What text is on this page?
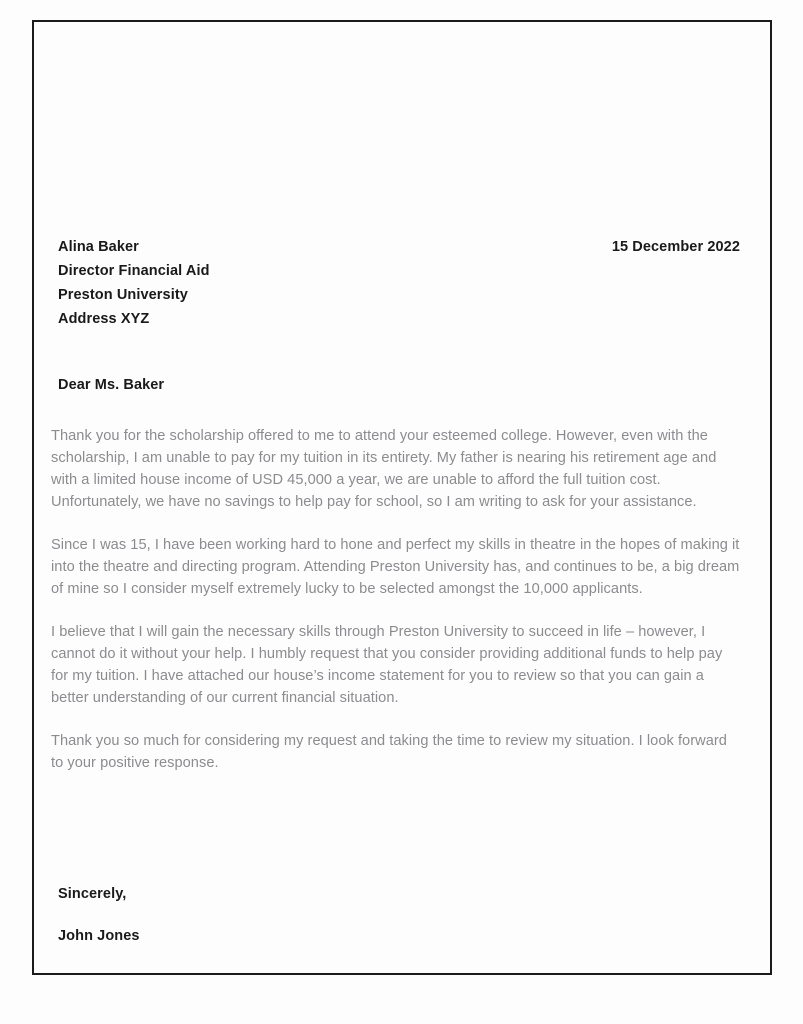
Alina Baker
Director Financial Aid
Preston University
Address XYZ
15 December 2022
Dear Ms. Baker

Thank you for the scholarship offered to me to attend your esteemed college. However, even with the scholarship, I am unable to pay for my tuition in its entirety. My father is nearing his retirement age and with a limited house income of USD 45,000 a year, we are unable to afford the full tuition cost. Unfortunately, we have no savings to help pay for school, so I am writing to ask for your assistance.

Since I was 15, I have been working hard to hone and perfect my skills in theatre in the hopes of making it into the theatre and directing program. Attending Preston University has, and continues to be, a big dream of mine so I consider myself extremely lucky to be selected amongst the 10,000 applicants.

I believe that I will gain the necessary skills through Preston University to succeed in life – however, I cannot do it without your help. I humbly request that you consider providing additional funds to help pay for my tuition. I have attached our house’s income statement for you to review so that you can gain a better understanding of our current financial situation.

Thank you so much for considering my request and taking the time to review my situation. I look forward to your positive response.

Sincerely,
John Jones
